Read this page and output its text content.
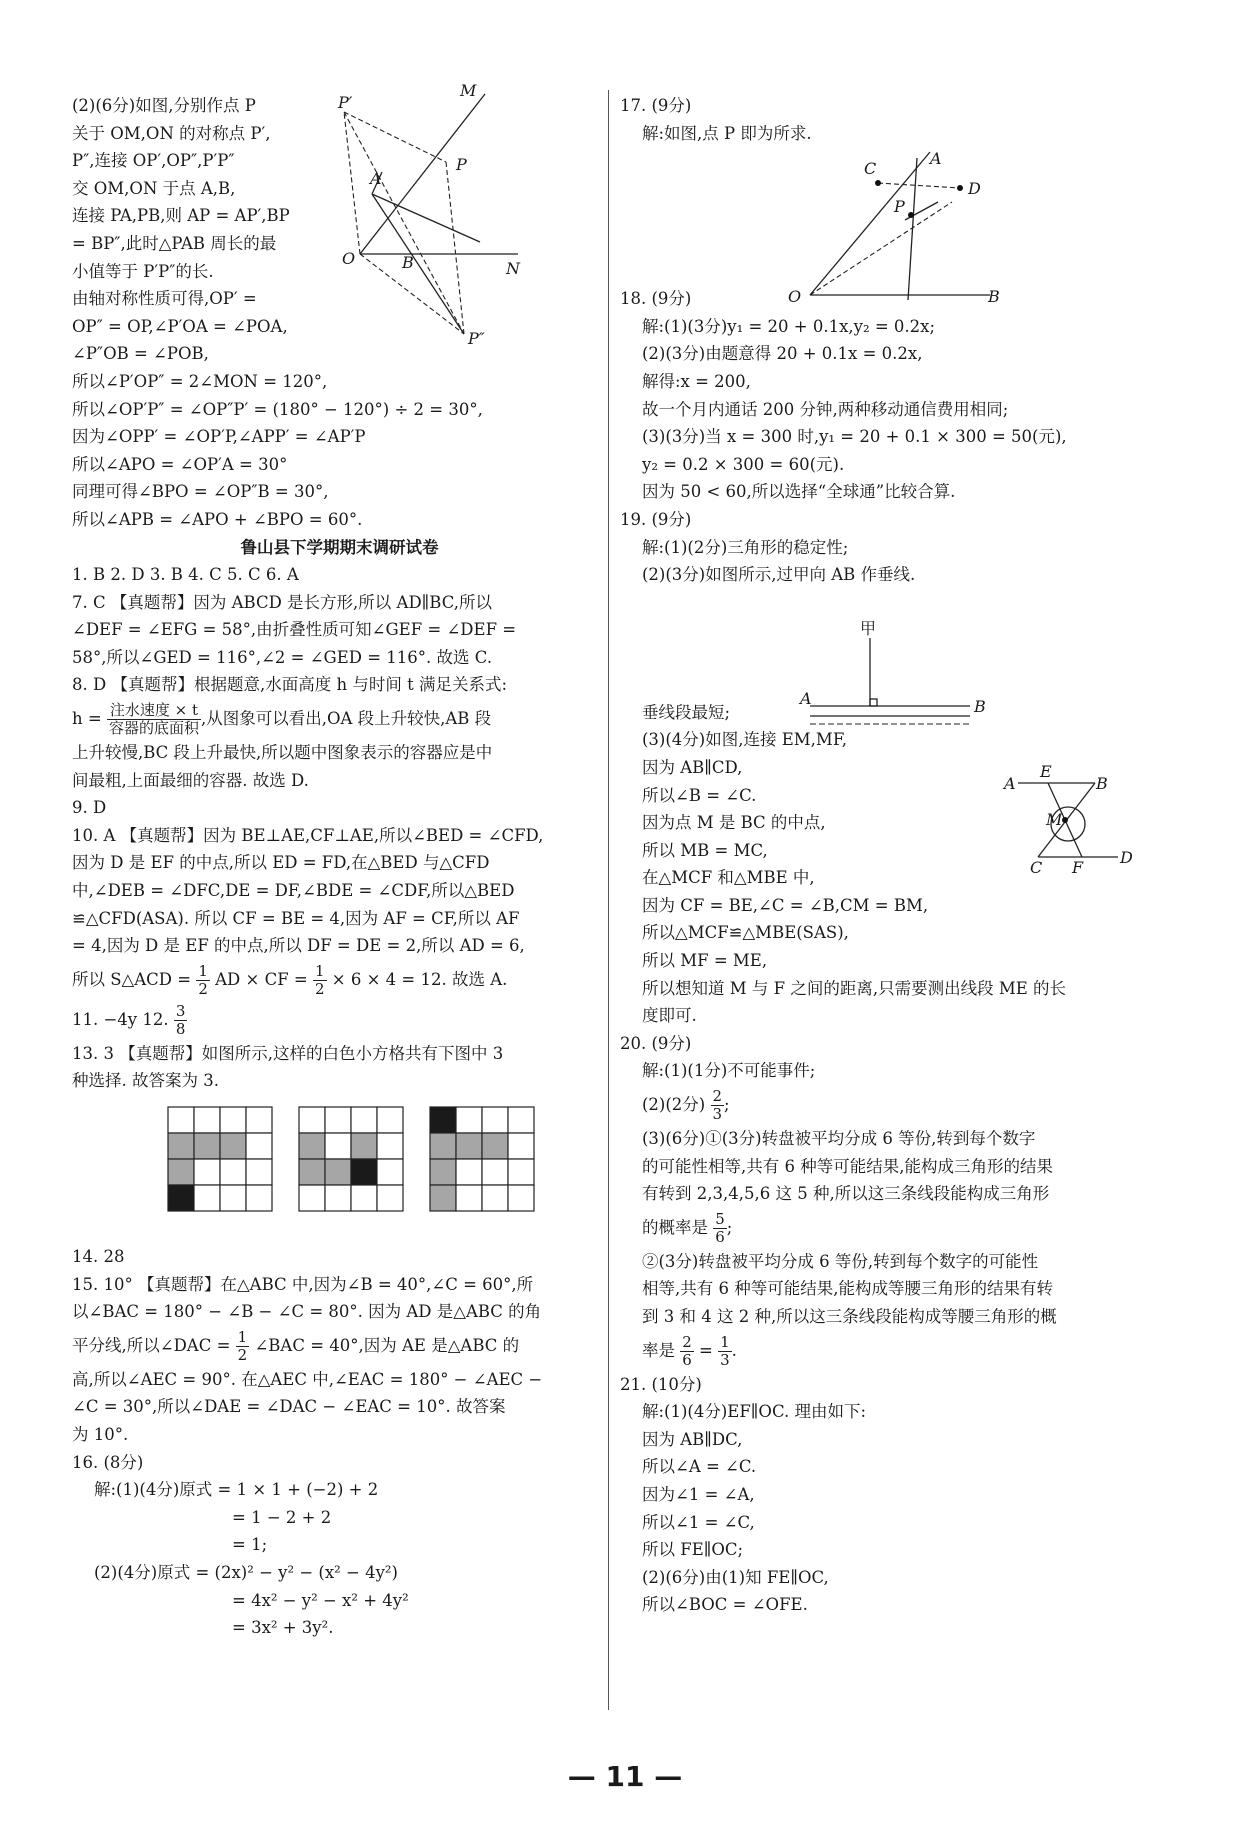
(2)(6分)如图,分别作点 P
关于 OM,ON 的对称点 P′,
P″,连接 OP′,OP″,P′P″
交 OM,ON 于点 A,B,
连接 PA,PB,则 AP = AP′,BP
= BP″,此时△PAB 周长的最
小值等于 P′P″的长.
由轴对称性质可得,OP′ =
OP″ = OP,∠P′OA = ∠POA,
∠P″OB = ∠POB,
所以∠P′OP″ = 2∠MON = 120°,
所以∠OP′P″ = ∠OP″P′ = (180° − 120°) ÷ 2 = 30°,
因为∠OPP′ = ∠OP′P,∠APP′ = ∠AP′P
所以∠APO = ∠OP′A = 30°
同理可得∠BPO = ∠OP″B = 30°,
所以∠APB = ∠APO + ∠BPO = 60°.
鲁山县下学期期末调研试卷
1. B 2. D 3. B 4. C 5. C 6. A
7. C 【真题帮】因为 ABCD 是长方形,所以 AD∥BC,所以
∠DEF = ∠EFG = 58°,由折叠性质可知∠GEF = ∠DEF =
58°,所以∠GED = 116°,∠2 = ∠GED = 116°. 故选 C.
8. D 【真题帮】根据题意,水面高度 h 与时间 t 满足关系式:
$h = \frac{\text{注水速度 × t}}{\text{容器的底面积}}$ ,从图象可以看出,OA 段上升较快,AB 段
上升较慢,BC 段上升最快,所以题中图象表示的容器应是中
间最粗,上面最细的容器. 故选 D.
9. D
10. A 【真题帮】因为 BE⊥AE,CF⊥AE,所以∠BED = ∠CFD,
因为 D 是 EF 的中点,所以 ED = FD,在△BED 与△CFD
中,∠DEB = ∠DFC,DE = DF,∠BDE = ∠CDF,所以△BED
≌△CFD(ASA). 所以 CF = BE = 4,因为 AF = CF,所以 AF
= 4,因为 D 是 EF 的中点,所以 DF = DE = 2,所以 AD = 6,
所以 S△ACD = $\frac{1}{2}$ AD × CF = $\frac{1}{2} \times 6 \times 4 = 12$. 故选 A.
11. −4y 12. $\frac{3}{8}$
13. 3 【真题帮】如图所示,这样的白色小方格共有下图中 3
种选择. 故答案为 3.
14. 28
15. 10° 【真题帮】在△ABC 中,因为∠B = 40°,∠C = 60°,所
以∠BAC = 180° − ∠B − ∠C = 80°. 因为 AD 是△ABC 的角
平分线,所以∠DAC = $\frac{1}{2}$ ∠BAC = 40°,因为 AE 是△ABC 的
高,所以∠AEC = 90°. 在△AEC 中,∠EAC = 180° − ∠AEC −
∠C = 30°,所以∠DAE = ∠DAC − ∠EAC = 10°. 故答案
为 10°.
16. (8分)
解:(1)(4分)原式 = 1 × 1 + (−2) + 2
= 1 − 2 + 2
= 1;
(2)(4分)原式 = (2x)² − y² − (x² − 4y²)
= 4x² − y² − x² + 4y²
= 3x² + 3y².
M
P′
A
P
O	B	N
P″
17. (9分)
解:如图,点 P 即为所求.
18. (9分)
解:(1)(3分)y₁ = 20 + 0.1x,y₂ = 0.2x;
(2)(3分)由题意得 20 + 0.1x = 0.2x,
解得:x = 200,
故一个月内通话 200 分钟,两种移动通信费用相同;
(3)(3分)当 x = 300 时,y₁ = 20 + 0.1 × 300 = 50(元),
y₂ = 0.2 × 300 = 60(元).
因为 50 < 60,所以选择“全球通”比较合算.
19. (9分)
解:(1)(2分)三角形的稳定性;
(2)(3分)如图所示,过甲向 AB 作垂线.
垂线段最短;
(3)(4分)如图,连接 EM,MF,
因为 AB∥CD,
所以∠B = ∠C.
因为点 M 是 BC 的中点,
所以 MB = MC,
在△MCF 和△MBE 中,
因为 CF = BE,∠C = ∠B,CM = BM,
所以△MCF≌△MBE(SAS),
所以 MF = ME,
所以想知道 M 与 F 之间的距离,只需要测出线段 ME 的长
度即可.
20. (9分)
解:(1)(1分)不可能事件;
(2)(2分) $\frac{2}{3}$ ;
(3)(6分)①(3分)转盘被平均分成 6 等份,转到每个数字
的可能性相等,共有 6 种等可能结果,能构成三角形的结果
有转到 2,3,4,5,6 这 5 种,所以这三条线段能构成三角形
的概率是 $\frac{5}{6}$ ;
②(3分)转盘被平均分成 6 等份,转到每个数字的可能性
相等,共有 6 种等可能结果,能构成等腰三角形的结果有转
到 3 和 4 这 2 种,所以这三条线段能构成等腰三角形的概
率是 $\frac{2}{6} = \frac{1}{3}$ .
21. (10分)
解:(1)(4分)EF∥OC. 理由如下:
因为 AB∥DC,
所以∠A = ∠C.
因为∠1 = ∠A,
所以∠1 = ∠C,
所以 FE∥OC;
(2)(6分)由(1)知 FE∥OC,
所以∠BOC = ∠OFE.
A
C
D
P
O	B
甲
A	B
A
E
B
M
C F
D
— 11 —
